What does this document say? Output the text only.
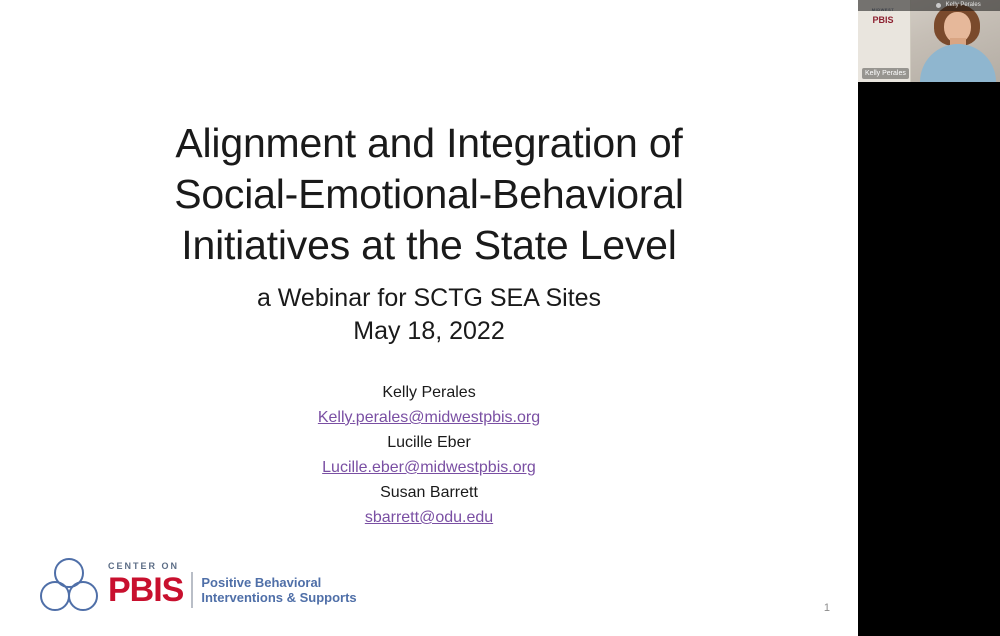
Alignment and Integration of
Social-Emotional-Behavioral
Initiatives at the State Level
a Webinar for SCTG SEA Sites
May 18, 2022
Kelly Perales
Kelly.perales@midwestpbis.org
Lucille Eber
Lucille.eber@midwestpbis.org
Susan Barrett
sbarrett@odu.edu
CENTER ON
PBIS Positive Behavioral
Interventions & Supports
1
PBIS
Kelly Perales
Kelly Perales
